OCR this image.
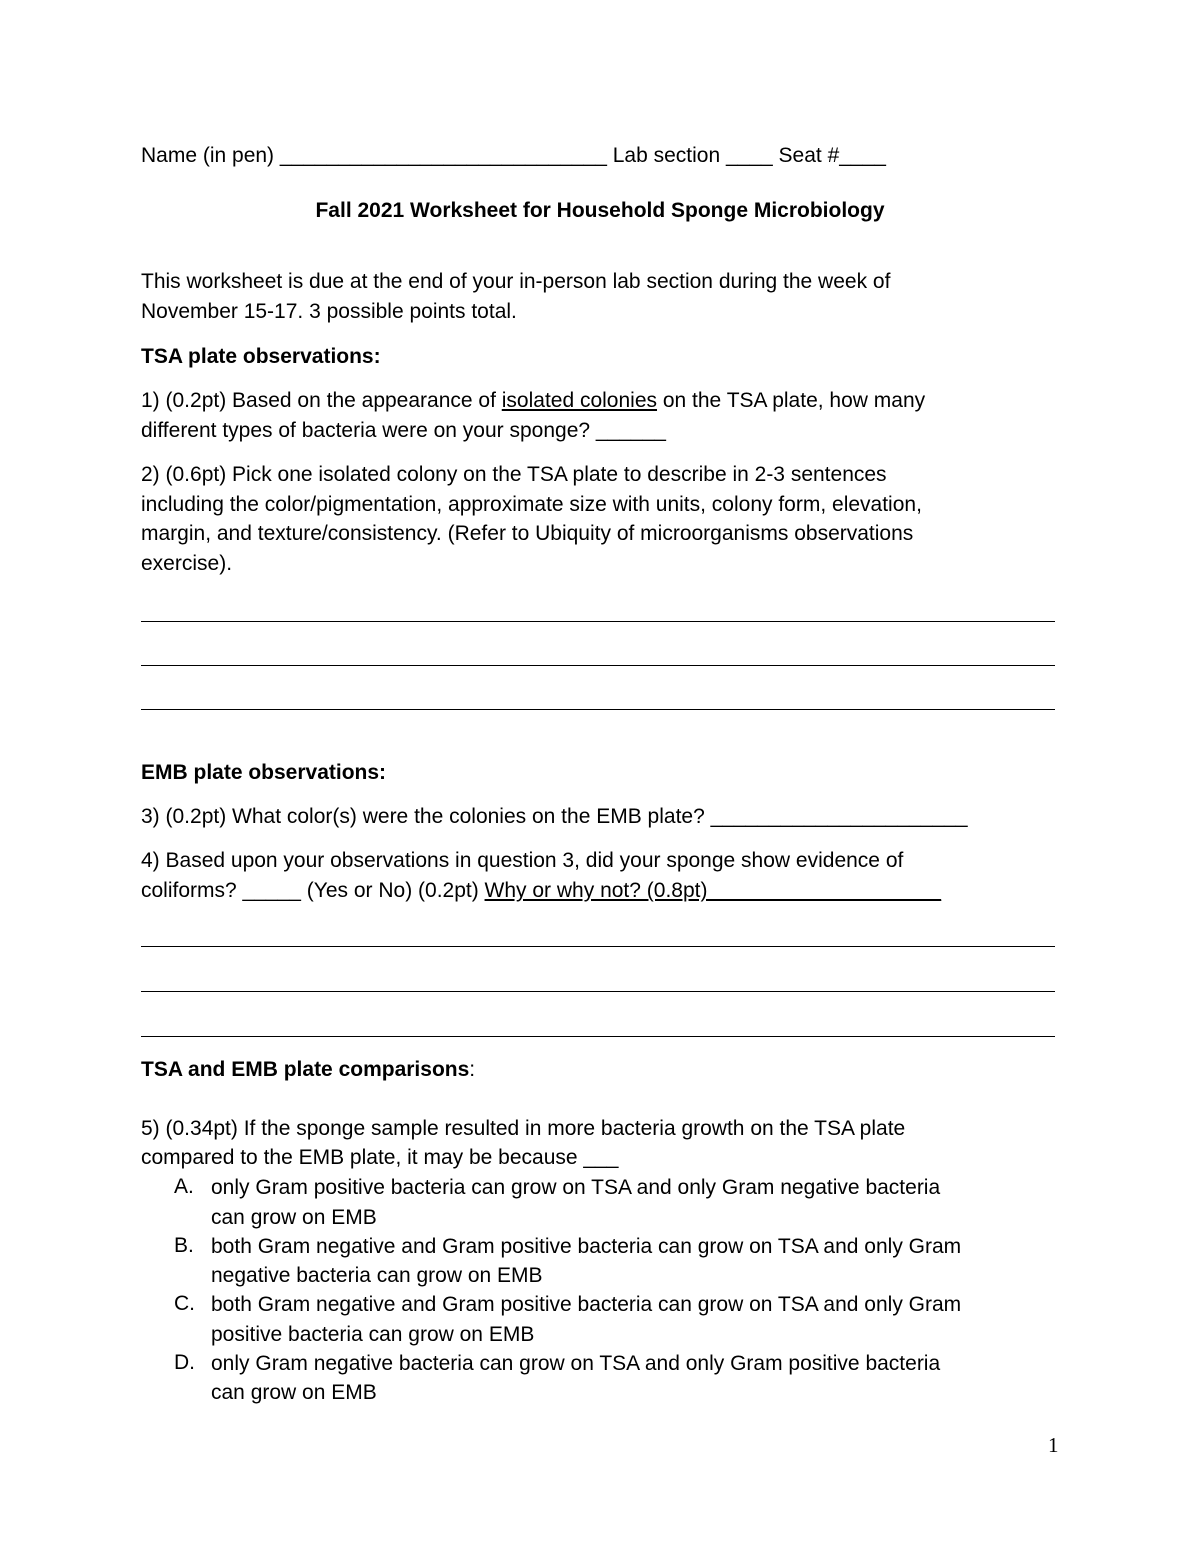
Name (in pen) ____________________________ Lab section ____ Seat #____
Fall 2021 Worksheet for Household Sponge Microbiology
This worksheet is due at the end of your in-person lab section during the week of
November 15-17. 3 possible points total.
TSA plate observations:
1) (0.2pt) Based on the appearance of isolated colonies on the TSA plate, how many
different types of bacteria were on your sponge? ______
2) (0.6pt) Pick one isolated colony on the TSA plate to describe in 2-3 sentences
including the color/pigmentation, approximate size with units, colony form, elevation,
margin, and texture/consistency. (Refer to Ubiquity of microorganisms observations
exercise).
EMB plate observations:
3) (0.2pt) What color(s) were the colonies on the EMB plate? ______________________
4) Based upon your observations in question 3, did your sponge show evidence of
coliforms? _____ (Yes or No) (0.2pt) Why or why not? (0.8pt)____________________
TSA and EMB plate comparisons:
5) (0.34pt) If the sponge sample resulted in more bacteria growth on the TSA plate
compared to the EMB plate, it may be because ___
A. only Gram positive bacteria can grow on TSA and only Gram negative bacteria
can grow on EMB
B. both Gram negative and Gram positive bacteria can grow on TSA and only Gram
negative bacteria can grow on EMB
C. both Gram negative and Gram positive bacteria can grow on TSA and only Gram
positive bacteria can grow on EMB
D. only Gram negative bacteria can grow on TSA and only Gram positive bacteria
can grow on EMB
1
